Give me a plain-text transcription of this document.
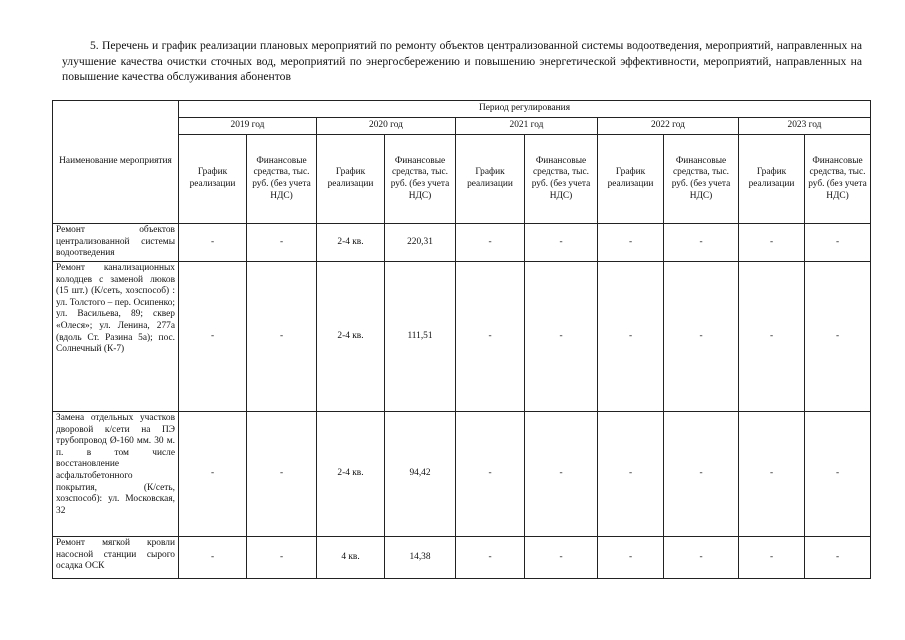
5. Перечень и график реализации плановых мероприятий по ремонту объектов централизованной системы водоотведения, мероприятий, направленных на улучшение качества очистки сточных вод, мероприятий по энергосбережению и повышению энергетической эффективности, мероприятий, направленных на повышение качества обслуживания абонентов
Наименование мероприятия	Период регулирования									
	2019 год		2020 год		2021 год		2022 год		2023 год	
	График реализации	Финансовые средства, тыс. руб. (без учета НДС)	График реализации	Финансовые средства, тыс. руб. (без учета НДС)	График реализации	Финансовые средства, тыс. руб. (без учета НДС)	График реализации	Финансовые средства, тыс. руб. (без учета НДС)	График реализации	Финансовые средства, тыс. руб. (без учета НДС)
Ремонт объектов централизованной системы водоотведения	-	-	2-4 кв.	220,31	-	-	-	-	-	-
Ремонт канализационных колодцев с заменой люков (15 шт.) (К/сеть, хозспособ) : ул. Толстого – пер. Осипенко; ул. Васильева, 89; сквер «Олеся»; ул. Ленина, 277а (вдоль Ст. Разина 5а); пос. Солнечный (К-7)	-	-	2-4 кв.	111,51	-	-	-	-	-	-
Замена отдельных участков дворовой к/сети на ПЭ трубопровод Ø-160 мм. 30 м. п. в том числе восстановление асфальтобетонного покрытия, (К/сеть, хозспособ): ул. Московская, 32	-	-	2-4 кв.	94,42	-	-	-	-	-	-
Ремонт мягкой кровли насосной станции сырого осадка ОСК	-	-	4 кв.	14,38	-	-	-	-	-	-
